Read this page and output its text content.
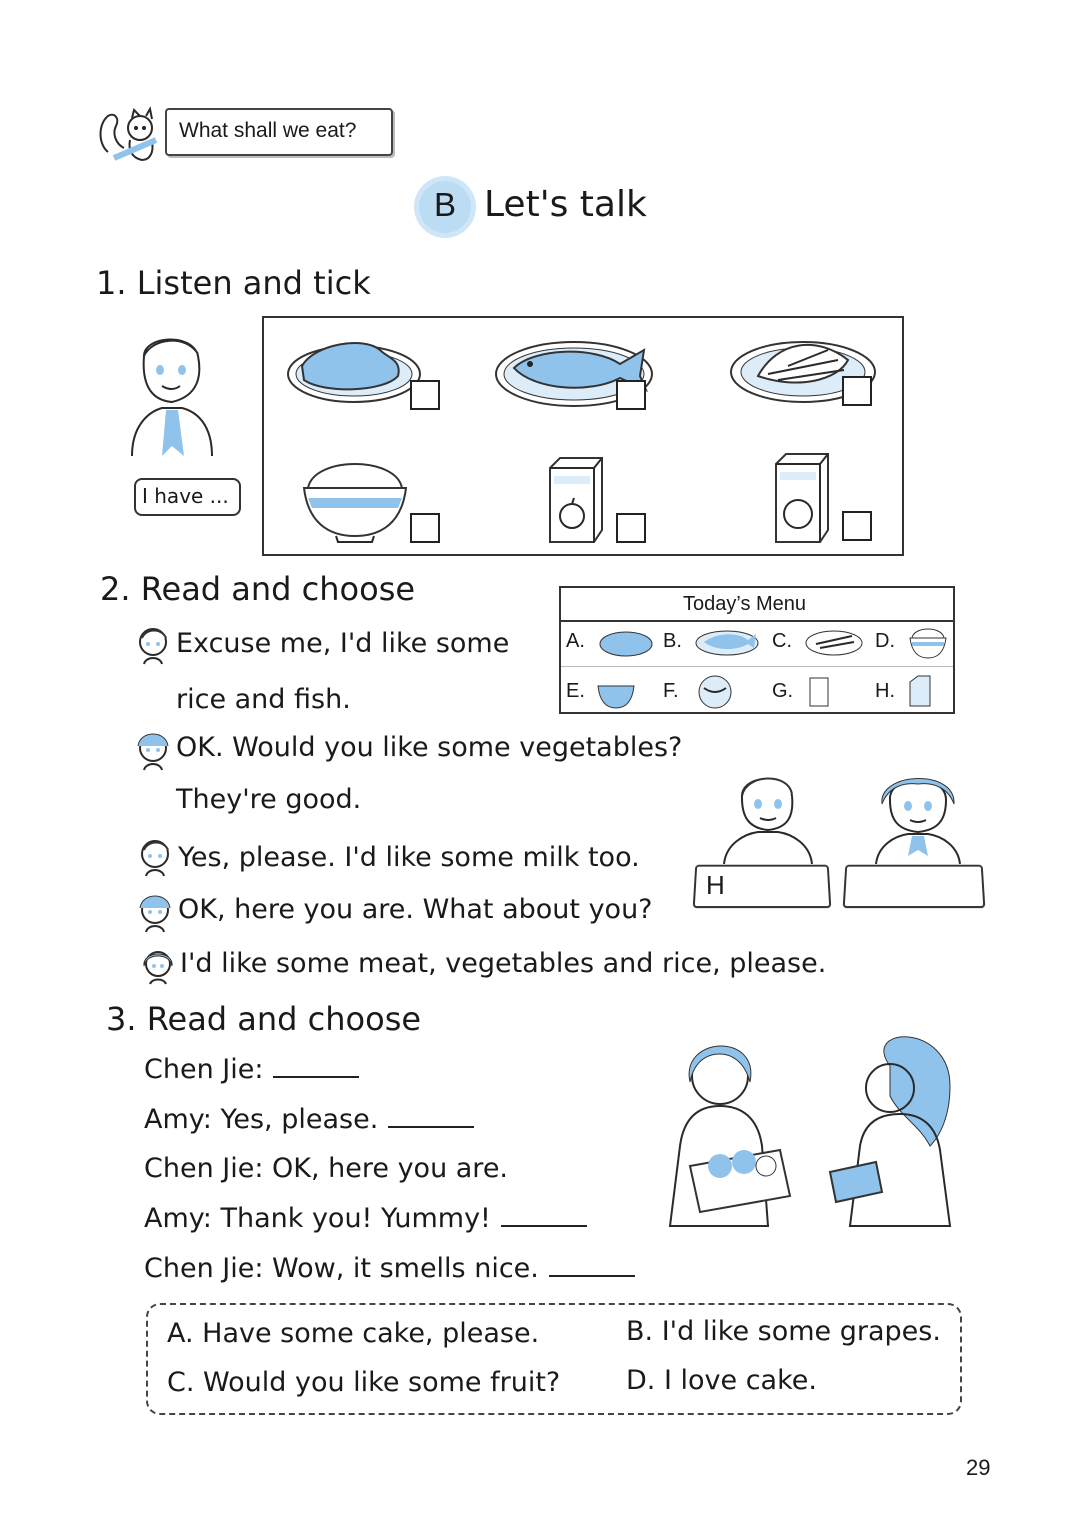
What shall we eat?
B Let's talk
1. Listen and tick
I have ...
2. Read and choose	Today’s Menu
A.	B.	C.	D.
E.	F.	G.	H.
Excuse me, I'd like some
rice and fish.
OK. Would you like some vegetables?
They're good.
Yes, please. I'd like some milk too.
OK, here you are. What about you?
I'd like some meat, vegetables and rice, please.
H
3. Read and choose
Chen Jie:
Amy: Yes, please.
Chen Jie: OK, here you are.
Amy: Thank you! Yummy!
Chen Jie: Wow, it smells nice.
A. Have some cake, please.	B. I'd like some grapes.
C. Would you like some fruit? D. I love cake.
29
